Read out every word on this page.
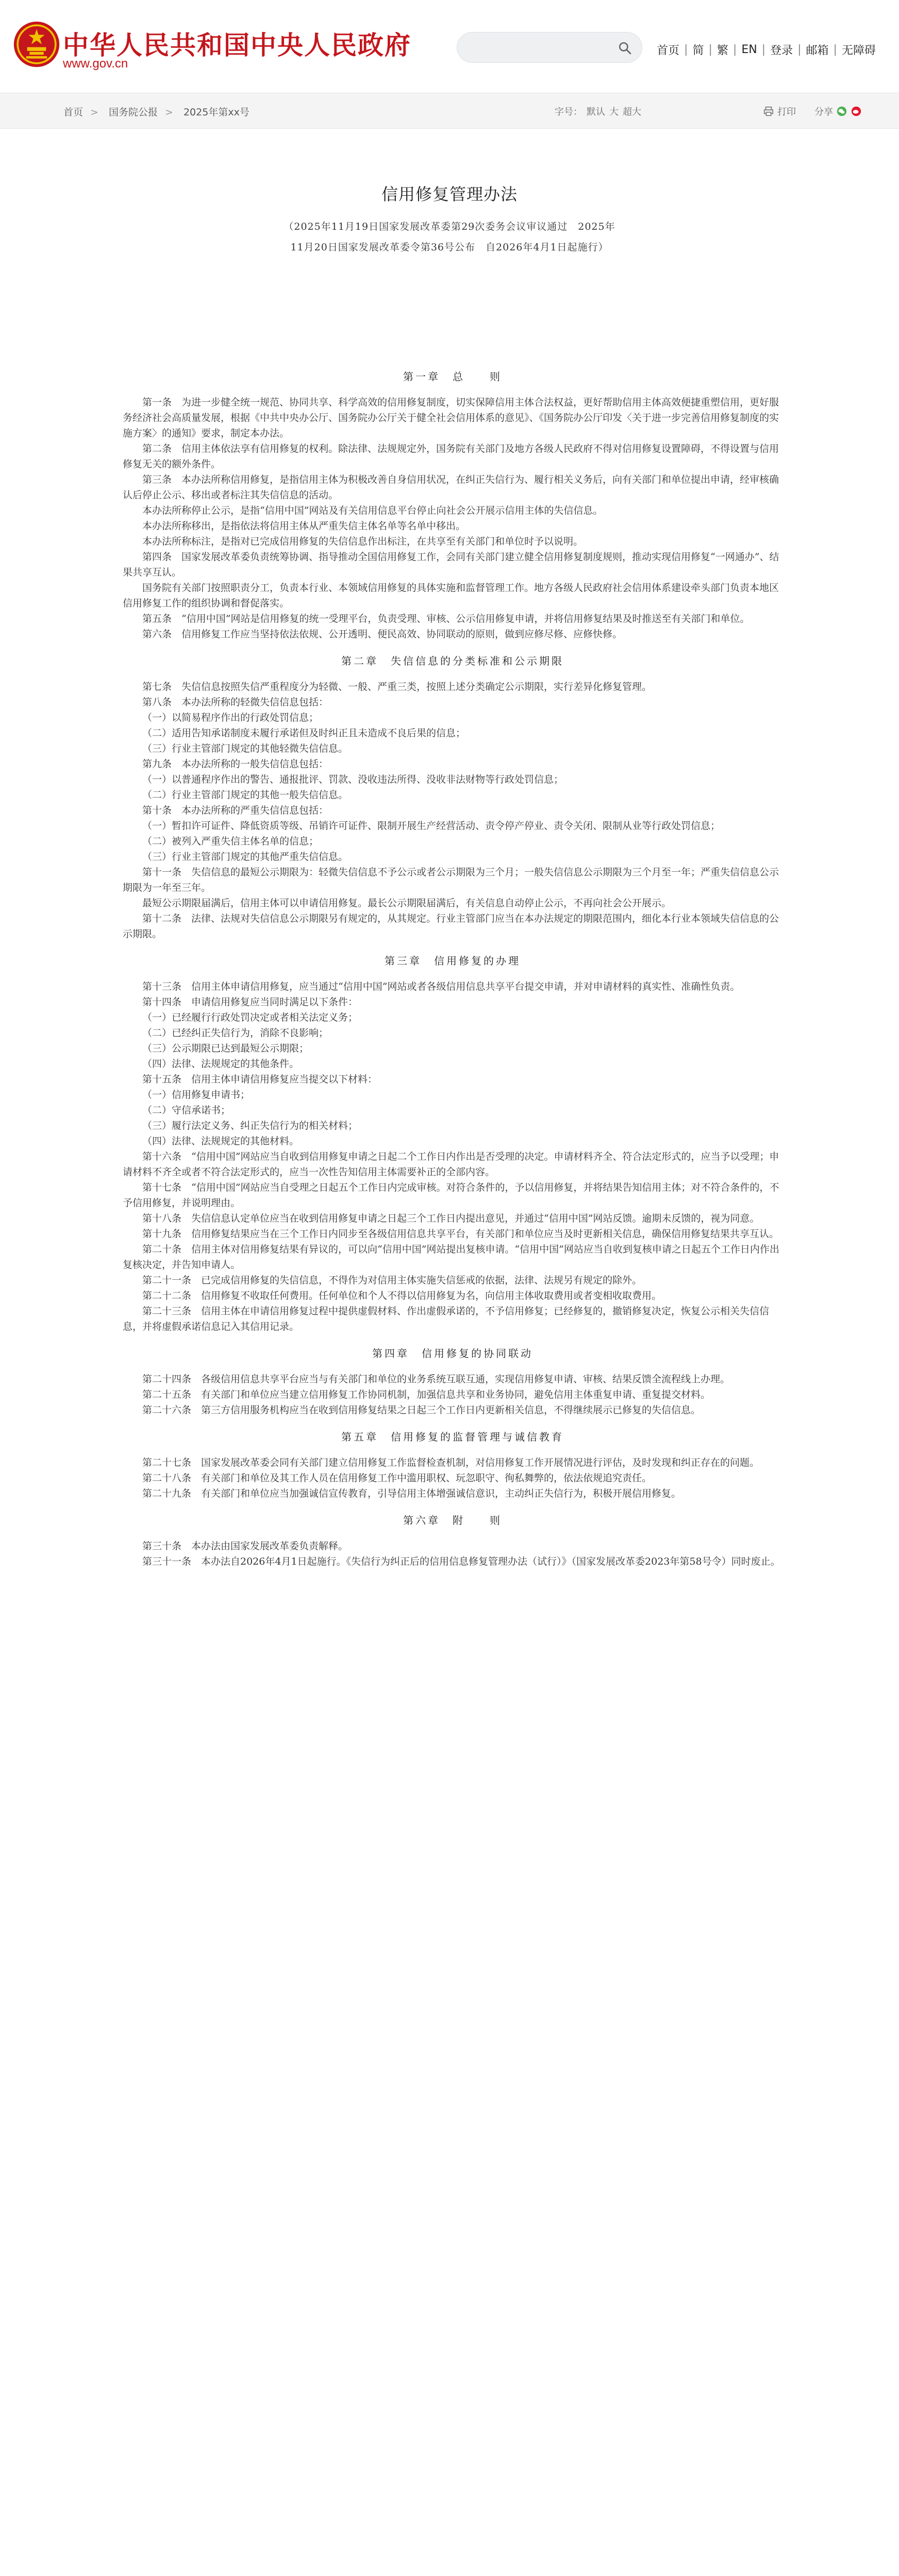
中华人民共和国中央人民政府
www.gov.cn
首页 | 简 | 繁 | EN | 登录 | 邮箱 | 无障碍
首页 > 国务院公报 > 2025年第xx号	字号： 默认 大 超大	打印 分享
信用修复管理办法
（2025年11月19日国家发展改革委第29次委务会议审议通过　2025年
11月20日国家发展改革委令第36号公布　自2026年4月1日起施行）
第一章　总　　则

第一条　为进一步健全统一规范、协同共享、科学高效的信用修复制度，切实保障信用主体合法权益，更好帮助信用主体高效便捷重塑信用，更好服务经济社会高质量发展，根据《中共中央办公厅、国务院办公厅关于健全社会信用体系的意见》、《国务院办公厅印发〈关于进一步完善信用修复制度的实施方案〉的通知》要求，制定本办法。

第二条　信用主体依法享有信用修复的权利。除法律、法规规定外，国务院有关部门及地方各级人民政府不得对信用修复设置障碍，不得设置与信用修复无关的额外条件。

第三条　本办法所称信用修复，是指信用主体为积极改善自身信用状况，在纠正失信行为、履行相关义务后，向有关部门和单位提出申请，经审核确认后停止公示、移出或者标注其失信信息的活动。

本办法所称停止公示，是指“信用中国”网站及有关信用信息平台停止向社会公开展示信用主体的失信信息。

本办法所称移出，是指依法将信用主体从严重失信主体名单等名单中移出。

本办法所称标注，是指对已完成信用修复的失信信息作出标注，在共享至有关部门和单位时予以说明。

第四条　国家发展改革委负责统筹协调、指导推动全国信用修复工作，会同有关部门建立健全信用修复制度规则，推动实现信用修复“一网通办”、结果共享互认。

国务院有关部门按照职责分工，负责本行业、本领域信用修复的具体实施和监督管理工作。地方各级人民政府社会信用体系建设牵头部门负责本地区信用修复工作的组织协调和督促落实。

第五条　“信用中国”网站是信用修复的统一受理平台，负责受理、审核、公示信用修复申请，并将信用修复结果及时推送至有关部门和单位。

第六条　信用修复工作应当坚持依法依规、公开透明、便民高效、协同联动的原则，做到应修尽修、应修快修。

第二章　失信信息的分类标准和公示期限

第七条　失信信息按照失信严重程度分为轻微、一般、严重三类，按照上述分类确定公示期限，实行差异化修复管理。

第八条　本办法所称的轻微失信信息包括：

（一）以简易程序作出的行政处罚信息；

（二）适用告知承诺制度未履行承诺但及时纠正且未造成不良后果的信息；

（三）行业主管部门规定的其他轻微失信信息。

第九条　本办法所称的一般失信信息包括：

（一）以普通程序作出的警告、通报批评、罚款、没收违法所得、没收非法财物等行政处罚信息；

（二）行业主管部门规定的其他一般失信信息。

第十条　本办法所称的严重失信信息包括：

（一）暂扣许可证件、降低资质等级、吊销许可证件、限制开展生产经营活动、责令停产停业、责令关闭、限制从业等行政处罚信息；

（二）被列入严重失信主体名单的信息；

（三）行业主管部门规定的其他严重失信信息。

第十一条　失信信息的最短公示期限为：轻微失信信息不予公示或者公示期限为三个月；一般失信信息公示期限为三个月至一年；严重失信信息公示期限为一年至三年。

最短公示期限届满后，信用主体可以申请信用修复。最长公示期限届满后，有关信息自动停止公示，不再向社会公开展示。

第十二条　法律、法规对失信信息公示期限另有规定的，从其规定。行业主管部门应当在本办法规定的期限范围内，细化本行业本领域失信信息的公示期限。

第三章　信用修复的办理

第十三条　信用主体申请信用修复，应当通过“信用中国”网站或者各级信用信息共享平台提交申请，并对申请材料的真实性、准确性负责。

第十四条　申请信用修复应当同时满足以下条件：

（一）已经履行行政处罚决定或者相关法定义务；

（二）已经纠正失信行为，消除不良影响；

（三）公示期限已达到最短公示期限；

（四）法律、法规规定的其他条件。

第十五条　信用主体申请信用修复应当提交以下材料：

（一）信用修复申请书；

（二）守信承诺书；

（三）履行法定义务、纠正失信行为的相关材料；

（四）法律、法规规定的其他材料。

第十六条　“信用中国”网站应当自收到信用修复申请之日起二个工作日内作出是否受理的决定。申请材料齐全、符合法定形式的，应当予以受理；申请材料不齐全或者不符合法定形式的，应当一次性告知信用主体需要补正的全部内容。

第十七条　“信用中国”网站应当自受理之日起五个工作日内完成审核。对符合条件的，予以信用修复，并将结果告知信用主体；对不符合条件的，不予信用修复，并说明理由。

第十八条　失信信息认定单位应当在收到信用修复申请之日起三个工作日内提出意见，并通过“信用中国”网站反馈。逾期未反馈的，视为同意。

第十九条　信用修复结果应当在三个工作日内同步至各级信用信息共享平台，有关部门和单位应当及时更新相关信息，确保信用修复结果共享互认。

第二十条　信用主体对信用修复结果有异议的，可以向“信用中国”网站提出复核申请。“信用中国”网站应当自收到复核申请之日起五个工作日内作出复核决定，并告知申请人。

第二十一条　已完成信用修复的失信信息，不得作为对信用主体实施失信惩戒的依据，法律、法规另有规定的除外。

第二十二条　信用修复不收取任何费用。任何单位和个人不得以信用修复为名，向信用主体收取费用或者变相收取费用。

第二十三条　信用主体在申请信用修复过程中提供虚假材料、作出虚假承诺的，不予信用修复；已经修复的，撤销修复决定，恢复公示相关失信信息，并将虚假承诺信息记入其信用记录。

第四章　信用修复的协同联动

第二十四条　各级信用信息共享平台应当与有关部门和单位的业务系统互联互通，实现信用修复申请、审核、结果反馈全流程线上办理。

第二十五条　有关部门和单位应当建立信用修复工作协同机制，加强信息共享和业务协同，避免信用主体重复申请、重复提交材料。

第二十六条　第三方信用服务机构应当在收到信用修复结果之日起三个工作日内更新相关信息，不得继续展示已修复的失信信息。

第五章　信用修复的监督管理与诚信教育

第二十七条　国家发展改革委会同有关部门建立信用修复工作监督检查机制，对信用修复工作开展情况进行评估，及时发现和纠正存在的问题。

第二十八条　有关部门和单位及其工作人员在信用修复工作中滥用职权、玩忽职守、徇私舞弊的，依法依规追究责任。

第二十九条　有关部门和单位应当加强诚信宣传教育，引导信用主体增强诚信意识，主动纠正失信行为，积极开展信用修复。

第六章　附　　则

第三十条　本办法由国家发展改革委负责解释。

第三十一条　本办法自2026年4月1日起施行。《失信行为纠正后的信用信息修复管理办法（试行）》（国家发展改革委2023年第58号令）同时废止。
